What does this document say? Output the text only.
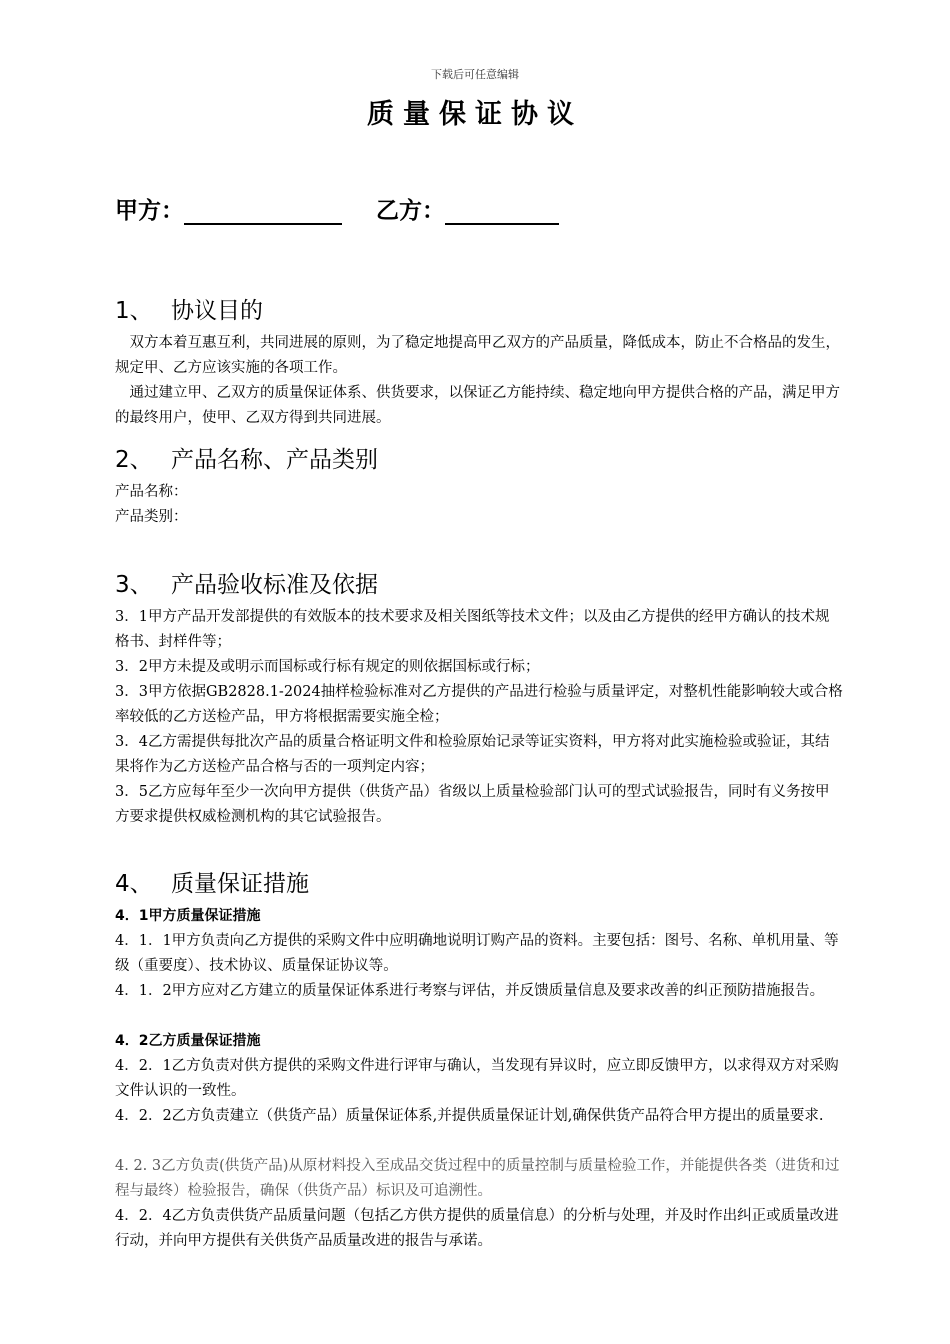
下载后可任意编辑
质量保证协议
甲方：	乙方：
1、 协议目的
双方本着互惠互利，共同进展的原则，为了稳定地提高甲乙双方的产品质量，降低成本，防止不合格品的发生，规定甲、乙方应该实施的各项工作。
通过建立甲、乙双方的质量保证体系、供货要求，以保证乙方能持续、稳定地向甲方提供合格的产品，满足甲方的最终用户，使甲、乙双方得到共同进展。
2、 产品名称、产品类别
产品名称：
产品类别：
3、 产品验收标准及依据
3．1甲方产品开发部提供的有效版本的技术要求及相关图纸等技术文件；以及由乙方提供的经甲方确认的技术规格书、封样件等；
3．2甲方未提及或明示而国标或行标有规定的则依据国标或行标；
3．3甲方依据GB2828.1-2024抽样检验标准对乙方提供的产品进行检验与质量评定，对整机性能影响较大或合格率较低的乙方送检产品，甲方将根据需要实施全检；
3．4乙方需提供每批次产品的质量合格证明文件和检验原始记录等证实资料，甲方将对此实施检验或验证，其结果将作为乙方送检产品合格与否的一项判定内容；
3．5乙方应每年至少一次向甲方提供（供货产品）省级以上质量检验部门认可的型式试验报告，同时有义务按甲方要求提供权威检测机构的其它试验报告。
4、 质量保证措施
4．1甲方质量保证措施
4．1．1甲方负责向乙方提供的采购文件中应明确地说明订购产品的资料。主要包括：图号、名称、单机用量、等级（重要度）、技术协议、质量保证协议等。
4．1．2甲方应对乙方建立的质量保证体系进行考察与评估，并反馈质量信息及要求改善的纠正预防措施报告。
4．2乙方质量保证措施
4．2．1乙方负责对供方提供的采购文件进行评审与确认，当发现有异议时，应立即反馈甲方，以求得双方对采购文件认识的一致性。
4．2．2乙方负责建立（供货产品）质量保证体系,并提供质量保证计划,确保供货产品符合甲方提出的质量要求.
4. 2. 3乙方负责(供货产品)从原材料投入至成品交货过程中的质量控制与质量检验工作，并能提供各类（进货和过程与最终）检验报告，确保（供货产品）标识及可追溯性。
4．2．4乙方负责供货产品质量问题（包括乙方供方提供的质量信息）的分析与处理，并及时作出纠正或质量改进行动，并向甲方提供有关供货产品质量改进的报告与承诺。
